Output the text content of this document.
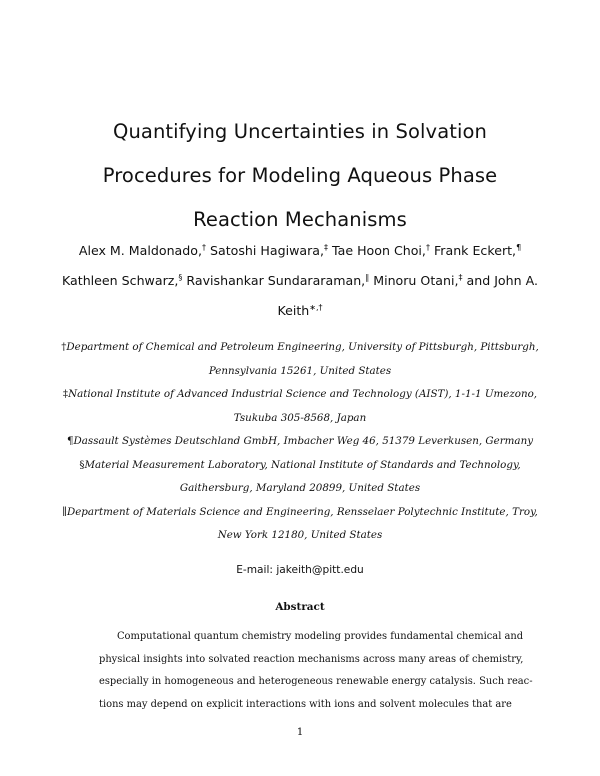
Quantifying Uncertainties in Solvation
Procedures for Modeling Aqueous Phase
Reaction Mechanisms
Alex M. Maldonado,† Satoshi Hagiwara,‡ Tae Hoon Choi,† Frank Eckert,¶
Kathleen Schwarz,§ Ravishankar Sundararaman,∥ Minoru Otani,‡ and John A.
Keith∗,†
†Department of Chemical and Petroleum Engineering, University of Pittsburgh, Pittsburgh,
Pennsylvania 15261, United States
‡National Institute of Advanced Industrial Science and Technology (AIST), 1-1-1 Umezono,
Tsukuba 305-8568, Japan
¶Dassault Systèmes Deutschland GmbH, Imbacher Weg 46, 51379 Leverkusen, Germany
§Material Measurement Laboratory, National Institute of Standards and Technology,
Gaithersburg, Maryland 20899, United States
∥Department of Materials Science and Engineering, Rensselaer Polytechnic Institute, Troy,
New York 12180, United States
E-mail: jakeith@pitt.edu
Abstract
Computational quantum chemistry modeling provides fundamental chemical and
physical insights into solvated reaction mechanisms across many areas of chemistry,
especially in homogeneous and heterogeneous renewable energy catalysis. Such reac-
tions may depend on explicit interactions with ions and solvent molecules that are
1
